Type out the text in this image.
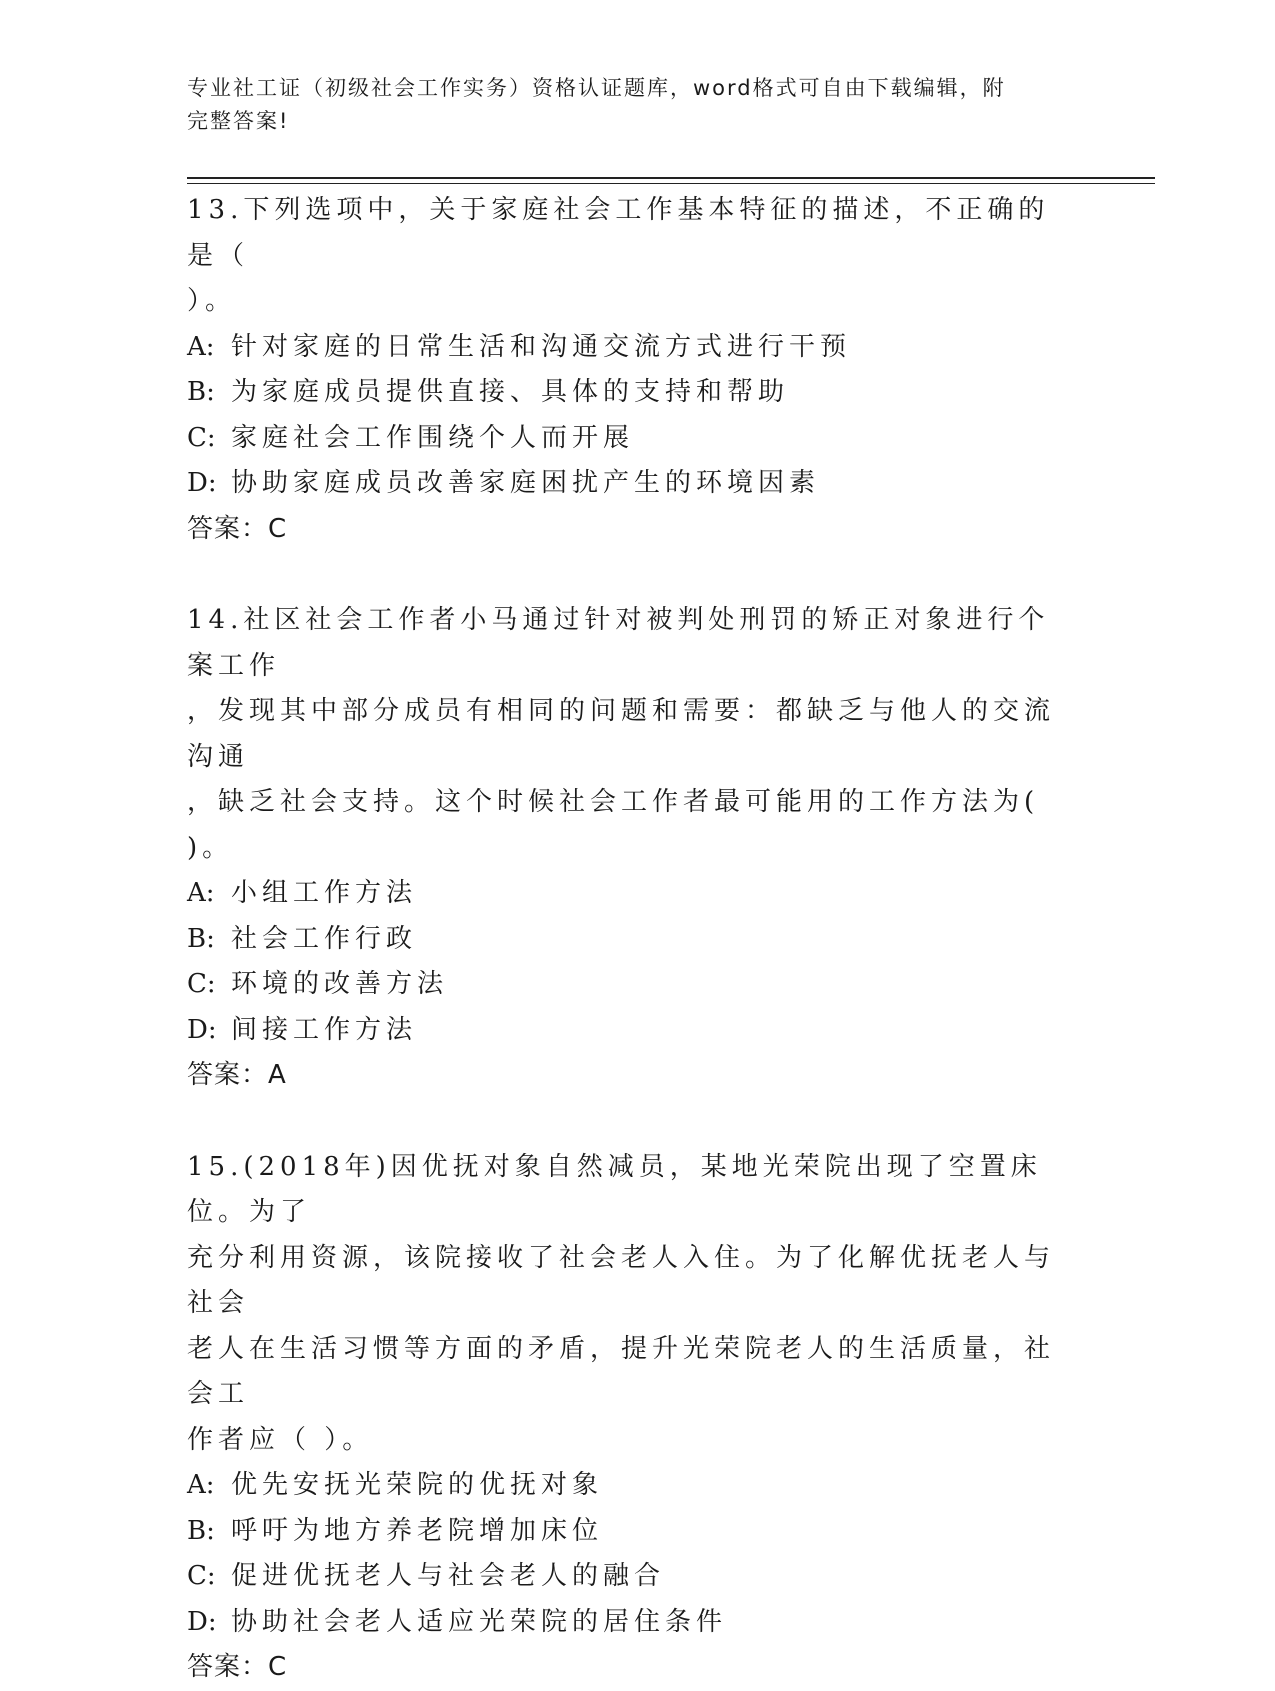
专业社工证（初级社会工作实务）资格认证题库，word格式可自由下载编辑，附
完整答案!
13.下列选项中，关于家庭社会工作基本特征的描述，不正确的是（
）。
A: 针对家庭的日常生活和沟通交流方式进行干预
B: 为家庭成员提供直接、具体的支持和帮助
C: 家庭社会工作围绕个人而开展
D: 协助家庭成员改善家庭困扰产生的环境因素
答案：C
14.社区社会工作者小马通过针对被判处刑罚的矫正对象进行个案工作
，发现其中部分成员有相同的问题和需要：都缺乏与他人的交流沟通
，缺乏社会支持。这个时候社会工作者最可能用的工作方法为( )。
A: 小组工作方法
B: 社会工作行政
C: 环境的改善方法
D: 间接工作方法
答案：A
15.(2018年)因优抚对象自然减员，某地光荣院出现了空置床位。为了
充分利用资源，该院接收了社会老人入住。为了化解优抚老人与社会
老人在生活习惯等方面的矛盾，提升光荣院老人的生活质量，社会工
作者应（ ）。
A: 优先安抚光荣院的优抚对象
B: 呼吁为地方养老院增加床位
C: 促进优抚老人与社会老人的融合
D: 协助社会老人适应光荣院的居住条件
答案：C
